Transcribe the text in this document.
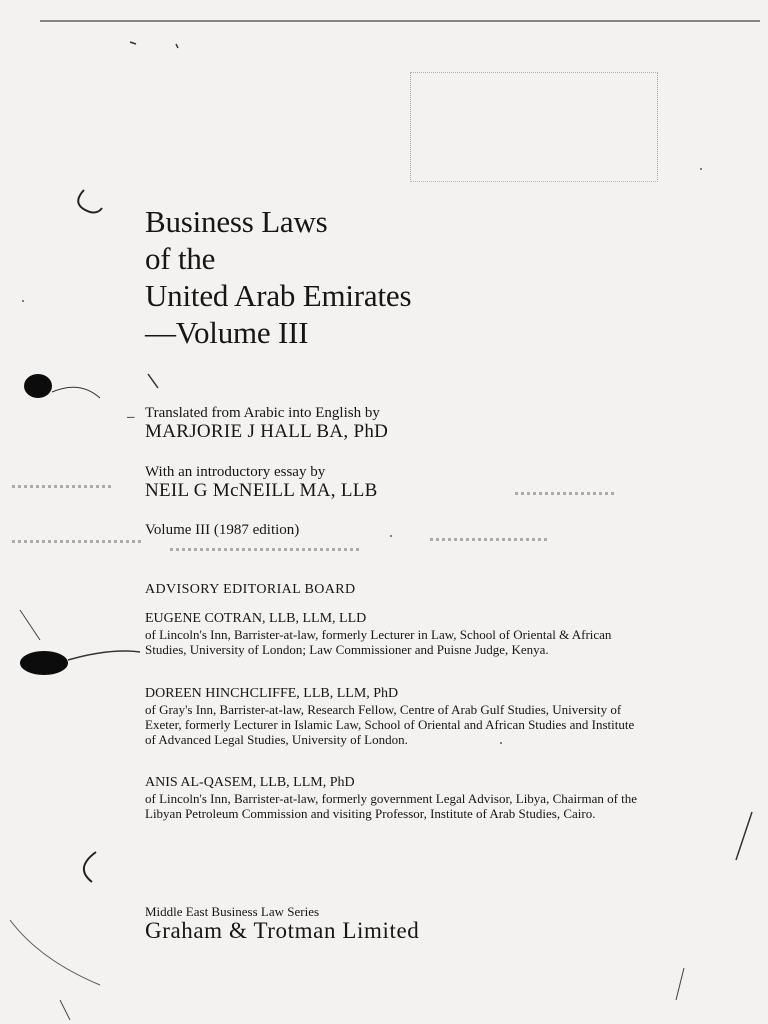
Business Laws
of the
United Arab Emirates
—Volume III
– Translated from Arabic into English by
MARJORIE J HALL BA, PhD
With an introductory essay by
NEIL G McNEILL MA, LLB
Volume III (1987 edition)
ADVISORY EDITORIAL BOARD
EUGENE COTRAN, LLB, LLM, LLD
of Lincoln's Inn, Barrister-at-law, formerly Lecturer in Law, School of Oriental & African Studies, University of London; Law Commissioner and Puisne Judge, Kenya.
DOREEN HINCHCLIFFE, LLB, LLM, PhD
of Gray's Inn, Barrister-at-law, Research Fellow, Centre of Arab Gulf Studies, University of Exeter, formerly Lecturer in Islamic Law, School of Oriental and African Studies and Institute of Advanced Legal Studies, University of London.
ANIS AL-QASEM, LLB, LLM, PhD
of Lincoln's Inn, Barrister-at-law, formerly government Legal Advisor, Libya, Chairman of the Libyan Petroleum Commission and visiting Professor, Institute of Arab Studies, Cairo.
Middle East Business Law Series
Graham & Trotman Limited
